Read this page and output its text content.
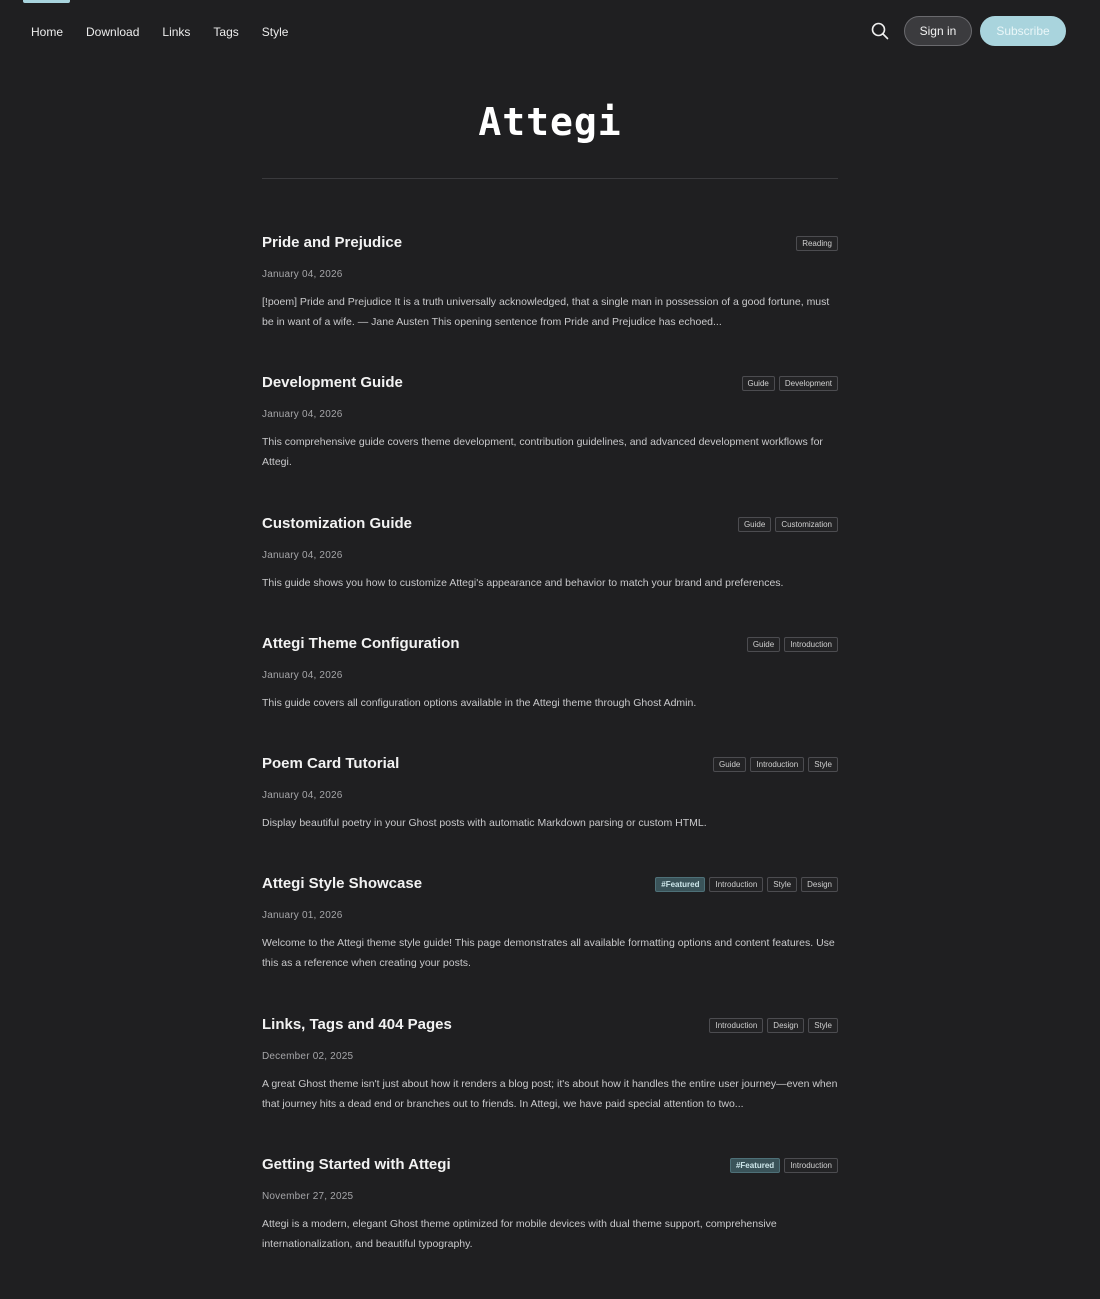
Home Download Links Tags Style	Sign in	Subscribe
Attegi
Pride and Prejudice	Reading
January 04, 2026

[!poem] Pride and Prejudice It is a truth universally acknowledged, that a single man in possession of a good fortune, must be in want of a wife. — Jane Austen This opening sentence from Pride and Prejudice has echoed...

Development Guide	Guide	Development
January 04, 2026

This comprehensive guide covers theme development, contribution guidelines, and advanced development workflows for Attegi.

Customization Guide	Guide	Customization
January 04, 2026

This guide shows you how to customize Attegi's appearance and behavior to match your brand and preferences.

Attegi Theme Configuration	Guide	Introduction
January 04, 2026

This guide covers all configuration options available in the Attegi theme through Ghost Admin.

Poem Card Tutorial	Guide	Introduction	Style
January 04, 2026

Display beautiful poetry in your Ghost posts with automatic Markdown parsing or custom HTML.

Attegi Style Showcase	#Featured	Introduction	Style	Design
January 01, 2026

Welcome to the Attegi theme style guide! This page demonstrates all available formatting options and content features. Use this as a reference when creating your posts.

Links, Tags and 404 Pages	Introduction	Design	Style
December 02, 2025

A great Ghost theme isn't just about how it renders a blog post; it's about how it handles the entire user journey—even when that journey hits a dead end or branches out to friends. In Attegi, we have paid special attention to two...

Getting Started with Attegi	#Featured	Introduction
November 27, 2025

Attegi is a modern, elegant Ghost theme optimized for mobile devices with dual theme support, comprehensive internationalization, and beautiful typography.
